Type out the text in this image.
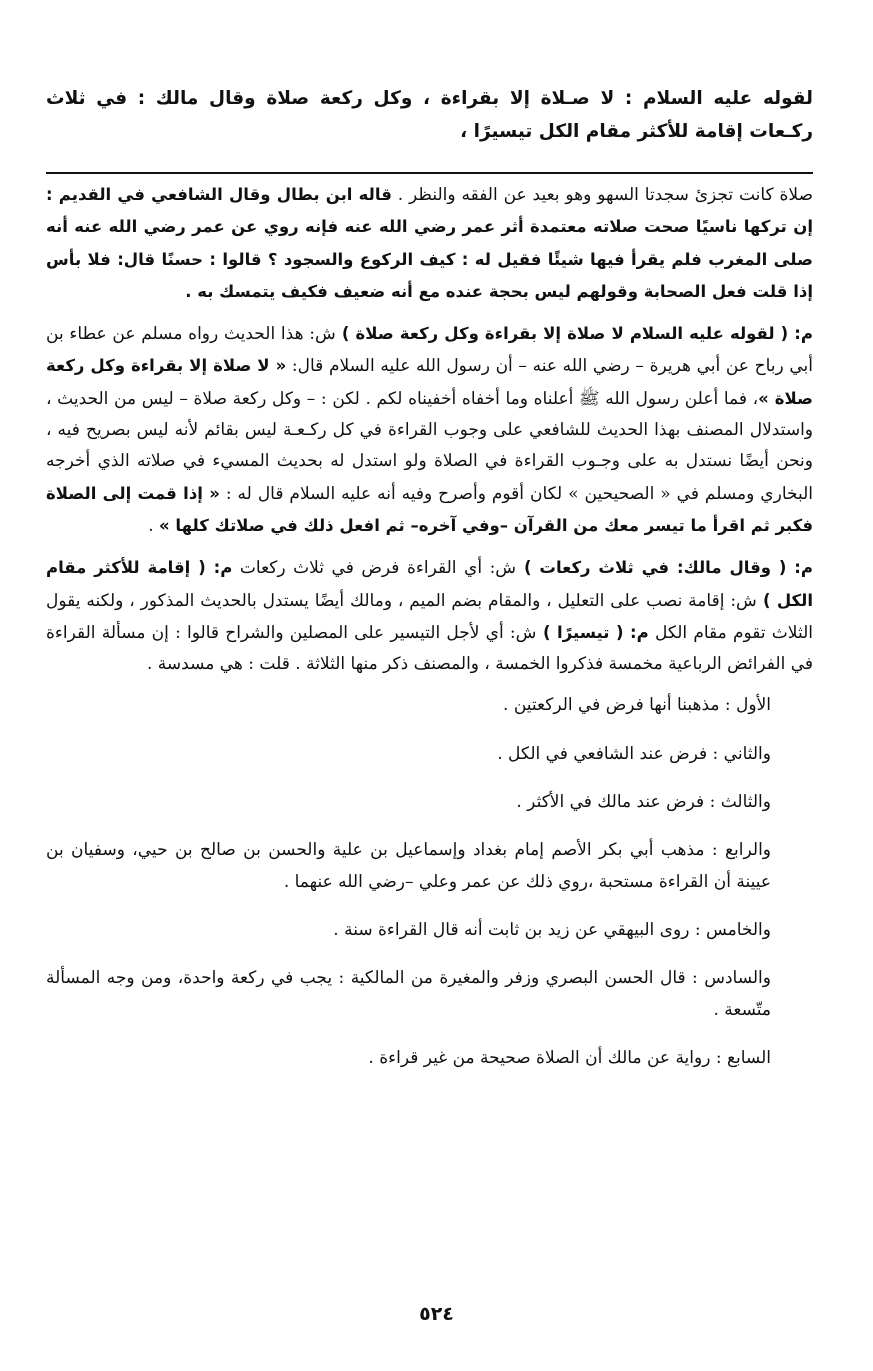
لقوله عليه السلام : لا صـلاة إلا بقراءة ، وكل ركعة صلاة وقال مالك : في ثلاث ركـعات إقامة للأكثر مقام الكل تيسيرًا ،

صلاة كانت تجزئ سجدتا السهو وهو بعيد عن الفقه والنظر . قاله ابن بطال وقال الشافعي في القديم : إن تركها ناسيًا صحت صلاته معتمدة أثر عمر رضي الله عنه فإنه روي عن عمر رضي الله عنه أنه صلى المغرب فلم يقرأ فيها شيئًا فقيل له : كيف الركوع والسجود ؟ قالوا : حسنًا قال: فلا بأس إذا قلت فعل الصحابة وقولهم ليس بحجة عنده مع أنه ضعيف فكيف يتمسك به .

م: ( لقوله عليه السلام لا صلاة إلا بقراءة وكل ركعة صلاة ) ش: هذا الحديث رواه مسلم عن عطاء بن أبي رباح عن أبي هريرة – رضي الله عنه – أن رسول الله عليه السلام قال: « لا صلاة إلا بقراءة وكل ركعة صلاة »، فما أعلن رسول الله ﷺ أعلناه وما أخفاه أخفيناه لكم . لكن : – وكل ركعة صلاة – ليس من الحديث ، واستدلال المصنف بهذا الحديث للشافعي على وجوب القراءة في كل ركـعـة ليس بقائم لأنه ليس بصريح فيه ، ونحن أيضًا نستدل به على وجـوب القراءة في الصلاة ولو استدل له بحديث المسيء في صلاته الذي أخرجه البخاري ومسلم في « الصحيحين » لكان أقوم وأصرح وفيه أنه عليه السلام قال له : « إذا قمت إلى الصلاة فكبر ثم اقرأ ما تيسر معك من القرآن –وفي آخره– ثم افعل ذلك في صلاتك كلها » .

م: ( وقال مالك: في ثلاث ركعات ) ش: أي القراءة فرض في ثلاث ركعات م: ( إقامة للأكثر مقام الكل ) ش: إقامة نصب على التعليل ، والمقام بضم الميم ، ومالك أيضًا يستدل بالحديث المذكور ، ولكنه يقول الثلاث تقوم مقام الكل م: ( تيسيرًا ) ش: أي لأجل التيسير على المصلين والشراح قالوا : إن مسألة القراءة في الفرائض الرباعية مخمسة فذكروا الخمسة ، والمصنف ذكر منها الثلاثة . قلت : هي مسدسة .

الأول : مذهبنا أنها فرض في الركعتين .

والثاني : فرض عند الشافعي في الكل .

والثالث : فرض عند مالك في الأكثر .

والرابع : مذهب أبي بكر الأصم إمام بغداد وإسماعيل بن علية والحسن بن صالح بن حيي، وسفيان بن عيينة أن القراءة مستحبة ،روي ذلك عن عمر وعلي –رضي الله عنهما .

والخامس : روى البيهقي عن زيد بن ثابت أنه قال القراءة سنة .

والسادس : قال الحسن البصري وزفر والمغيرة من المالكية : يجب في ركعة واحدة، ومن وجه المسألة متّسعة .

السابع : رواية عن مالك أن الصلاة صحيحة من غير قراءة .

٥٢٤
